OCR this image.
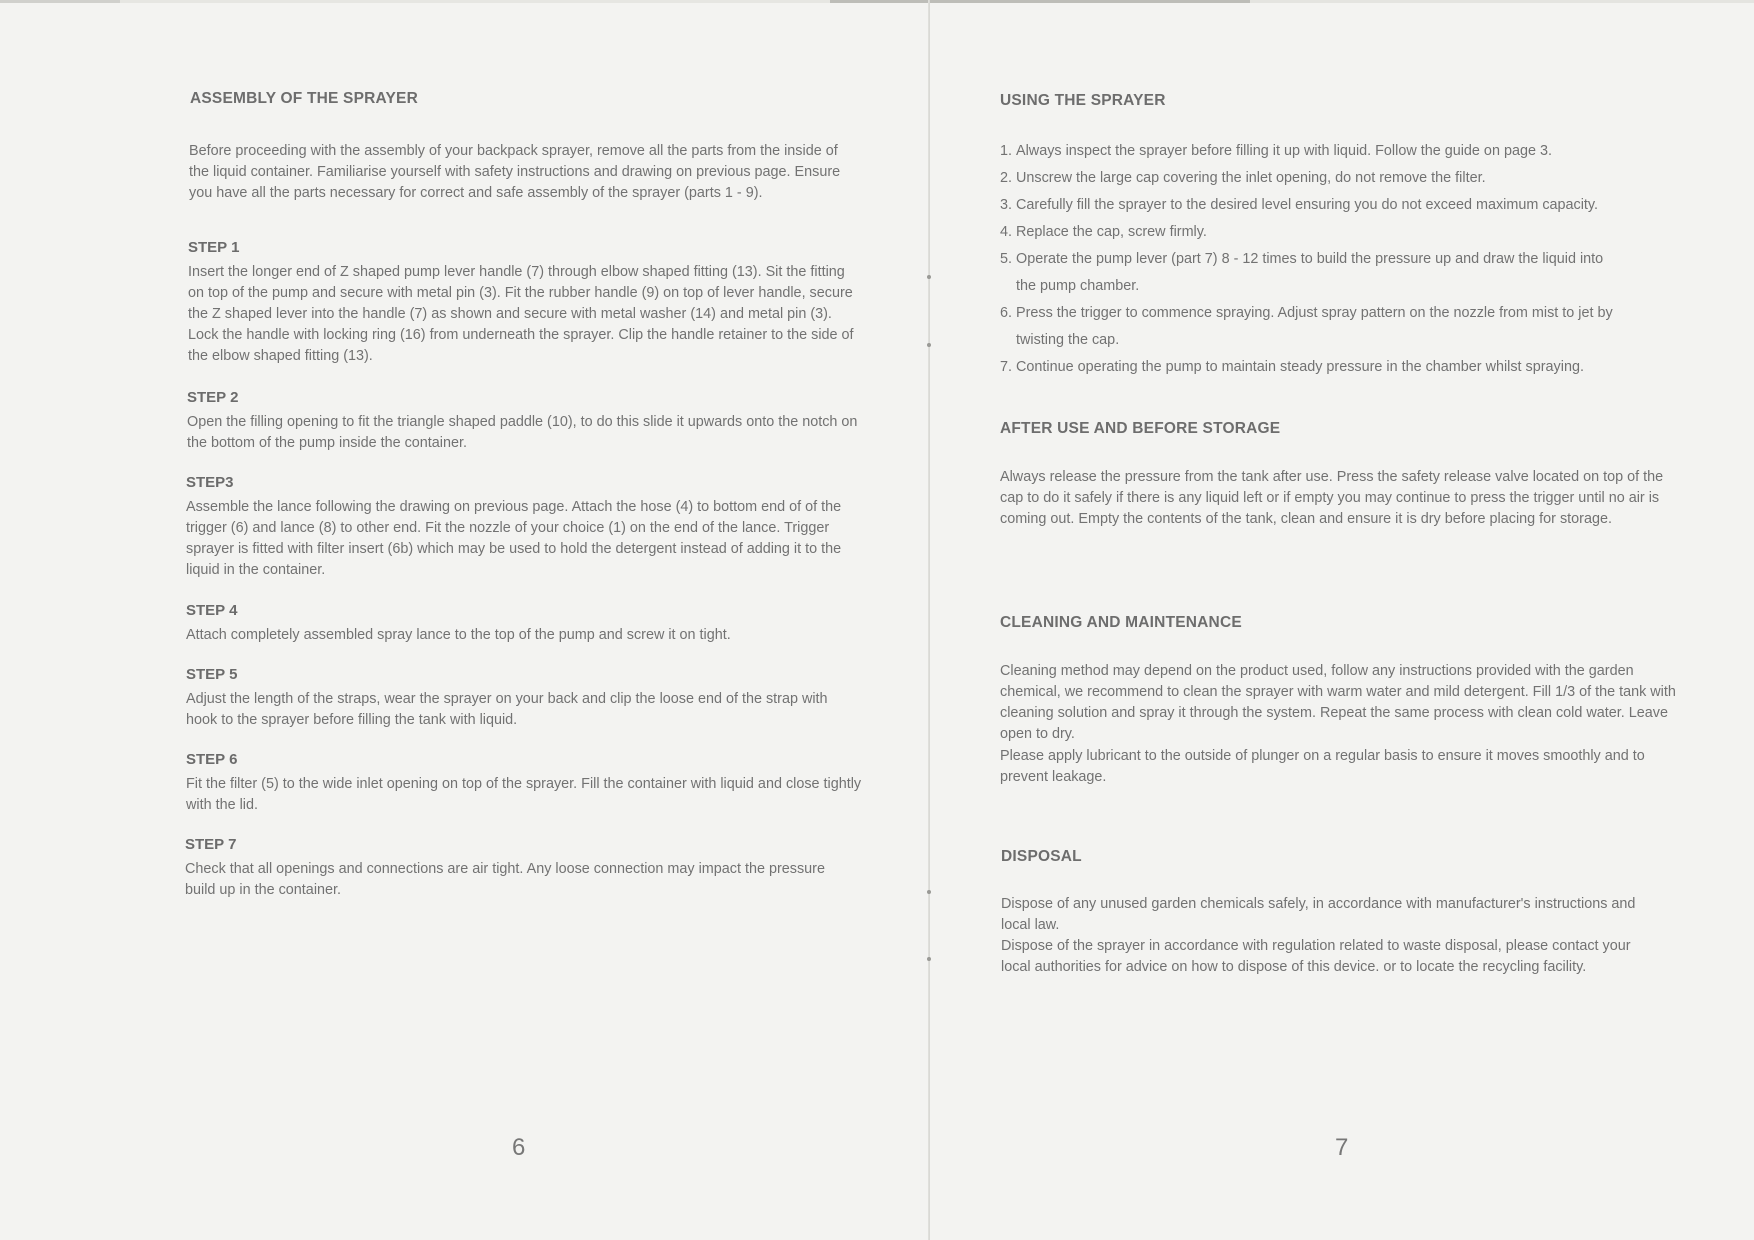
ASSEMBLY OF THE SPRAYER

Before proceeding with the assembly of your backpack sprayer, remove all the parts from the inside of the liquid container. Familiarise yourself with safety instructions and drawing on previous page. Ensure you have all the parts necessary for correct and safe assembly of the sprayer (parts 1 - 9).

STEP 1

Insert the longer end of Z shaped pump lever handle (7) through elbow shaped fitting (13). Sit the fitting on top of the pump and secure with metal pin (3). Fit the rubber handle (9) on top of lever handle, secure the Z shaped lever into the handle (7) as shown and secure with metal washer (14) and metal pin (3). Lock the handle with locking ring (16) from underneath the sprayer. Clip the handle retainer to the side of the elbow shaped fitting (13).

STEP 2

Open the filling opening to fit the triangle shaped paddle (10), to do this slide it upwards onto the notch on the bottom of the pump inside the container.

STEP3

Assemble the lance following the drawing on previous page. Attach the hose (4) to bottom end of of the trigger (6) and lance (8) to other end. Fit the nozzle of your choice (1) on the end of the lance. Trigger sprayer is fitted with filter insert (6b) which may be used to hold the detergent instead of adding it to the liquid in the container.

STEP 4

Attach completely assembled spray lance to the top of the pump and screw it on tight.

STEP 5

Adjust the length of the straps, wear the sprayer on your back and clip the loose end of the strap with hook to the sprayer before filling the tank with liquid.

STEP 6

Fit the filter (5) to the wide inlet opening on top of the sprayer. Fill the container with liquid and close tightly with the lid.

STEP 7

Check that all openings and connections are air tight. Any loose connection may impact the pressure build up in the container.

6
USING THE SPRAYER
1. Always inspect the sprayer before filling it up with liquid. Follow the guide on page 3.
2. Unscrew the large cap covering the inlet opening, do not remove the filter.
3. Carefully fill the sprayer to the desired level ensuring you do not exceed maximum capacity.
4. Replace the cap, screw firmly.
5. Operate the pump lever (part 7) 8 - 12 times to build the pressure up and draw the liquid into the pump chamber.
6. Press the trigger to commence spraying. Adjust spray pattern on the nozzle from mist to jet by twisting the cap.
7. Continue operating the pump to maintain steady pressure in the chamber whilst spraying.
AFTER USE AND BEFORE STORAGE

Always release the pressure from the tank after use. Press the safety release valve located on top of the cap to do it safely if there is any liquid left or if empty you may continue to press the trigger until no air is coming out. Empty the contents of the tank, clean and ensure it is dry before placing for storage.

CLEANING AND MAINTENANCE

Cleaning method may depend on the product used, follow any instructions provided with the garden chemical, we recommend to clean the sprayer with warm water and mild detergent. Fill 1/3 of the tank with cleaning solution and spray it through the system. Repeat the same process with clean cold water. Leave open to dry.

Please apply lubricant to the outside of plunger on a regular basis to ensure it moves smoothly and to prevent leakage.

DISPOSAL

Dispose of any unused garden chemicals safely, in accordance with manufacturer's instructions and local law.

Dispose of the sprayer in accordance with regulation related to waste disposal, please contact your local authorities for advice on how to dispose of this device. or to locate the recycling facility.

7
